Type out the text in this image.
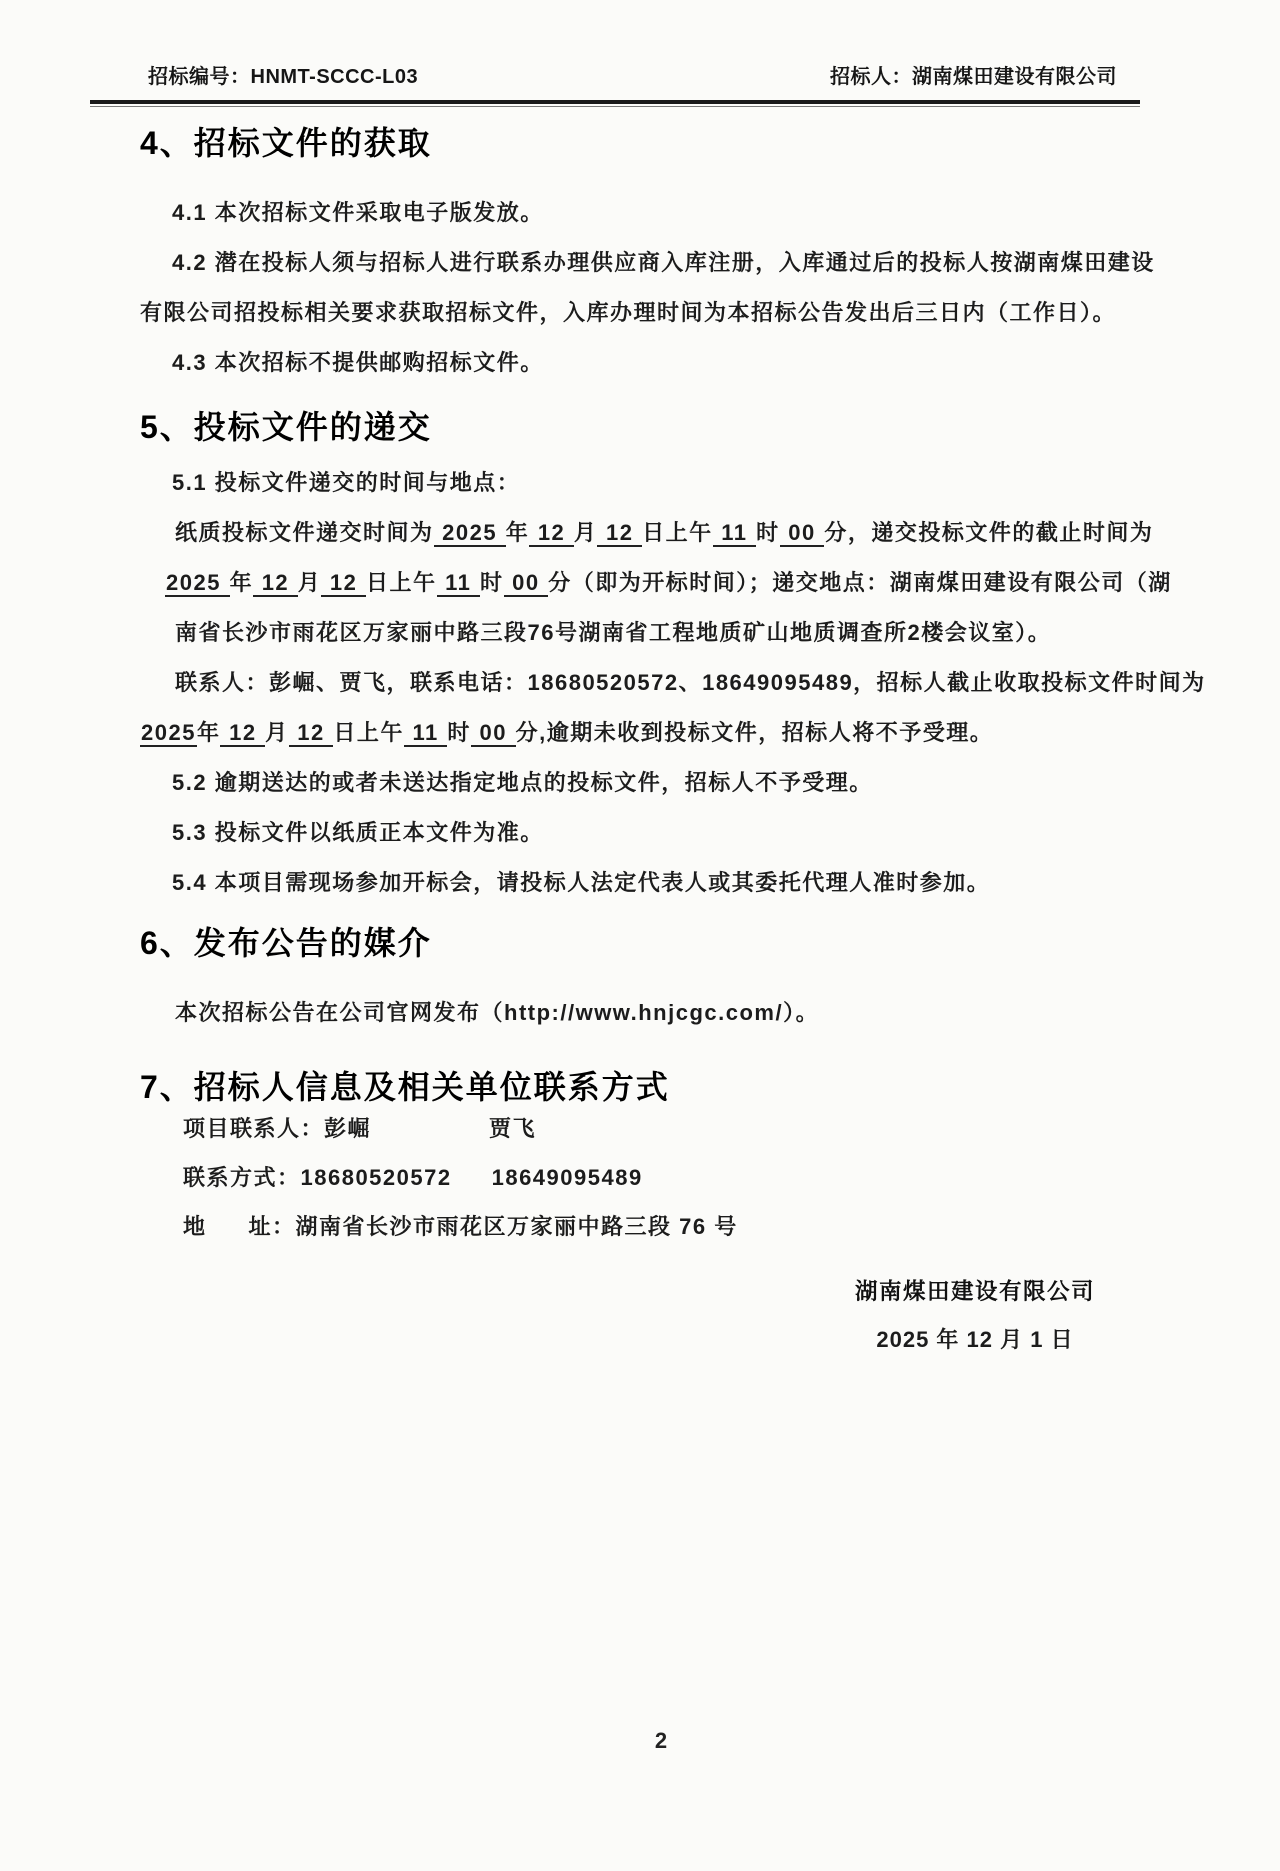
招标编号：HNMT-SCCC-L03	招标人：湖南煤田建设有限公司
4、招标文件的获取
4.1 本次招标文件采取电子版发放。
4.2 潜在投标人须与招标人进行联系办理供应商入库注册，入库通过后的投标人按湖南煤田建设
有限公司招投标相关要求获取招标文件，入库办理时间为本招标公告发出后三日内（工作日）。
4.3 本次招标不提供邮购招标文件。
5、投标文件的递交
5.1 投标文件递交的时间与地点：
纸质投标文件递交时间为 2025 年 12 月 12 日上午 11 时 00 分，递交投标文件的截止时间为
2025 年 12 月 12 日上午 11 时 00 分（即为开标时间）；递交地点：湖南煤田建设有限公司（湖
南省长沙市雨花区万家丽中路三段76号湖南省工程地质矿山地质调查所2楼会议室）。
联系人：彭崛、贾飞，联系电话：18680520572、18649095489，招标人截止收取投标文件时间为
2025年 12 月 12 日上午 11 时 00 分,逾期未收到投标文件，招标人将不予受理。
5.2 逾期送达的或者未送达指定地点的投标文件，招标人不予受理。
5.3 投标文件以纸质正本文件为准。
5.4 本项目需现场参加开标会，请投标人法定代表人或其委托代理人准时参加。
6、发布公告的媒介
本次招标公告在公司官网发布（http://www.hnjcgc.com/）。
7、招标人信息及相关单位联系方式
项目联系人：彭崛	贾飞
联系方式：18680520572 18649095489
地 址：湖南省长沙市雨花区万家丽中路三段 76 号
湖南煤田建设有限公司
2025 年 12 月 1 日
2
